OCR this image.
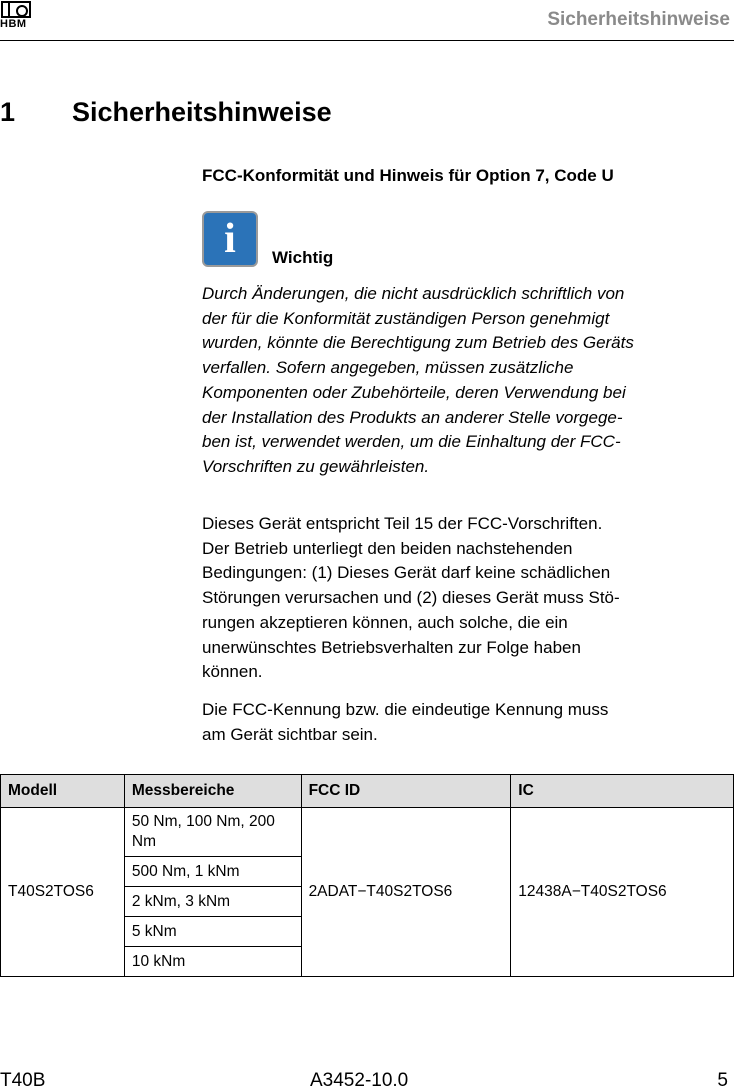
HBM	Sicherheitshinweise
1 Sicherheitshinweise
FCC-Konformität und Hinweis für Option 7, Code U
i	Wichtig
Durch Änderungen, die nicht ausdrücklich schriftlich von
der für die Konformität zuständigen Person genehmigt
wurden, könnte die Berechtigung zum Betrieb des Geräts
verfallen. Sofern angegeben, müssen zusätzliche
Komponenten oder Zubehörteile, deren Verwendung bei
der Installation des Produkts an anderer Stelle vorgege-
ben ist, verwendet werden, um die Einhaltung der FCC-
Vorschriften zu gewährleisten.
Dieses Gerät entspricht Teil 15 der FCC-Vorschriften.
Der Betrieb unterliegt den beiden nachstehenden
Bedingungen: (1) Dieses Gerät darf keine schädlichen
Störungen verursachen und (2) dieses Gerät muss Stö-
rungen akzeptieren können, auch solche, die ein
unerwünschtes Betriebsverhalten zur Folge haben
können.
Die FCC-Kennung bzw. die eindeutige Kennung muss
am Gerät sichtbar sein.
Modell	Messbereiche	FCC ID	IC
T40S2TOS6	50 Nm, 100 Nm, 200 Nm	2ADAT−T40S2TOS6	12438A−T40S2TOS6
	500 Nm, 1 kNm		
	2 kNm, 3 kNm		
	5 kNm		
	10 kNm		
T40B	A3452-10.0	5
